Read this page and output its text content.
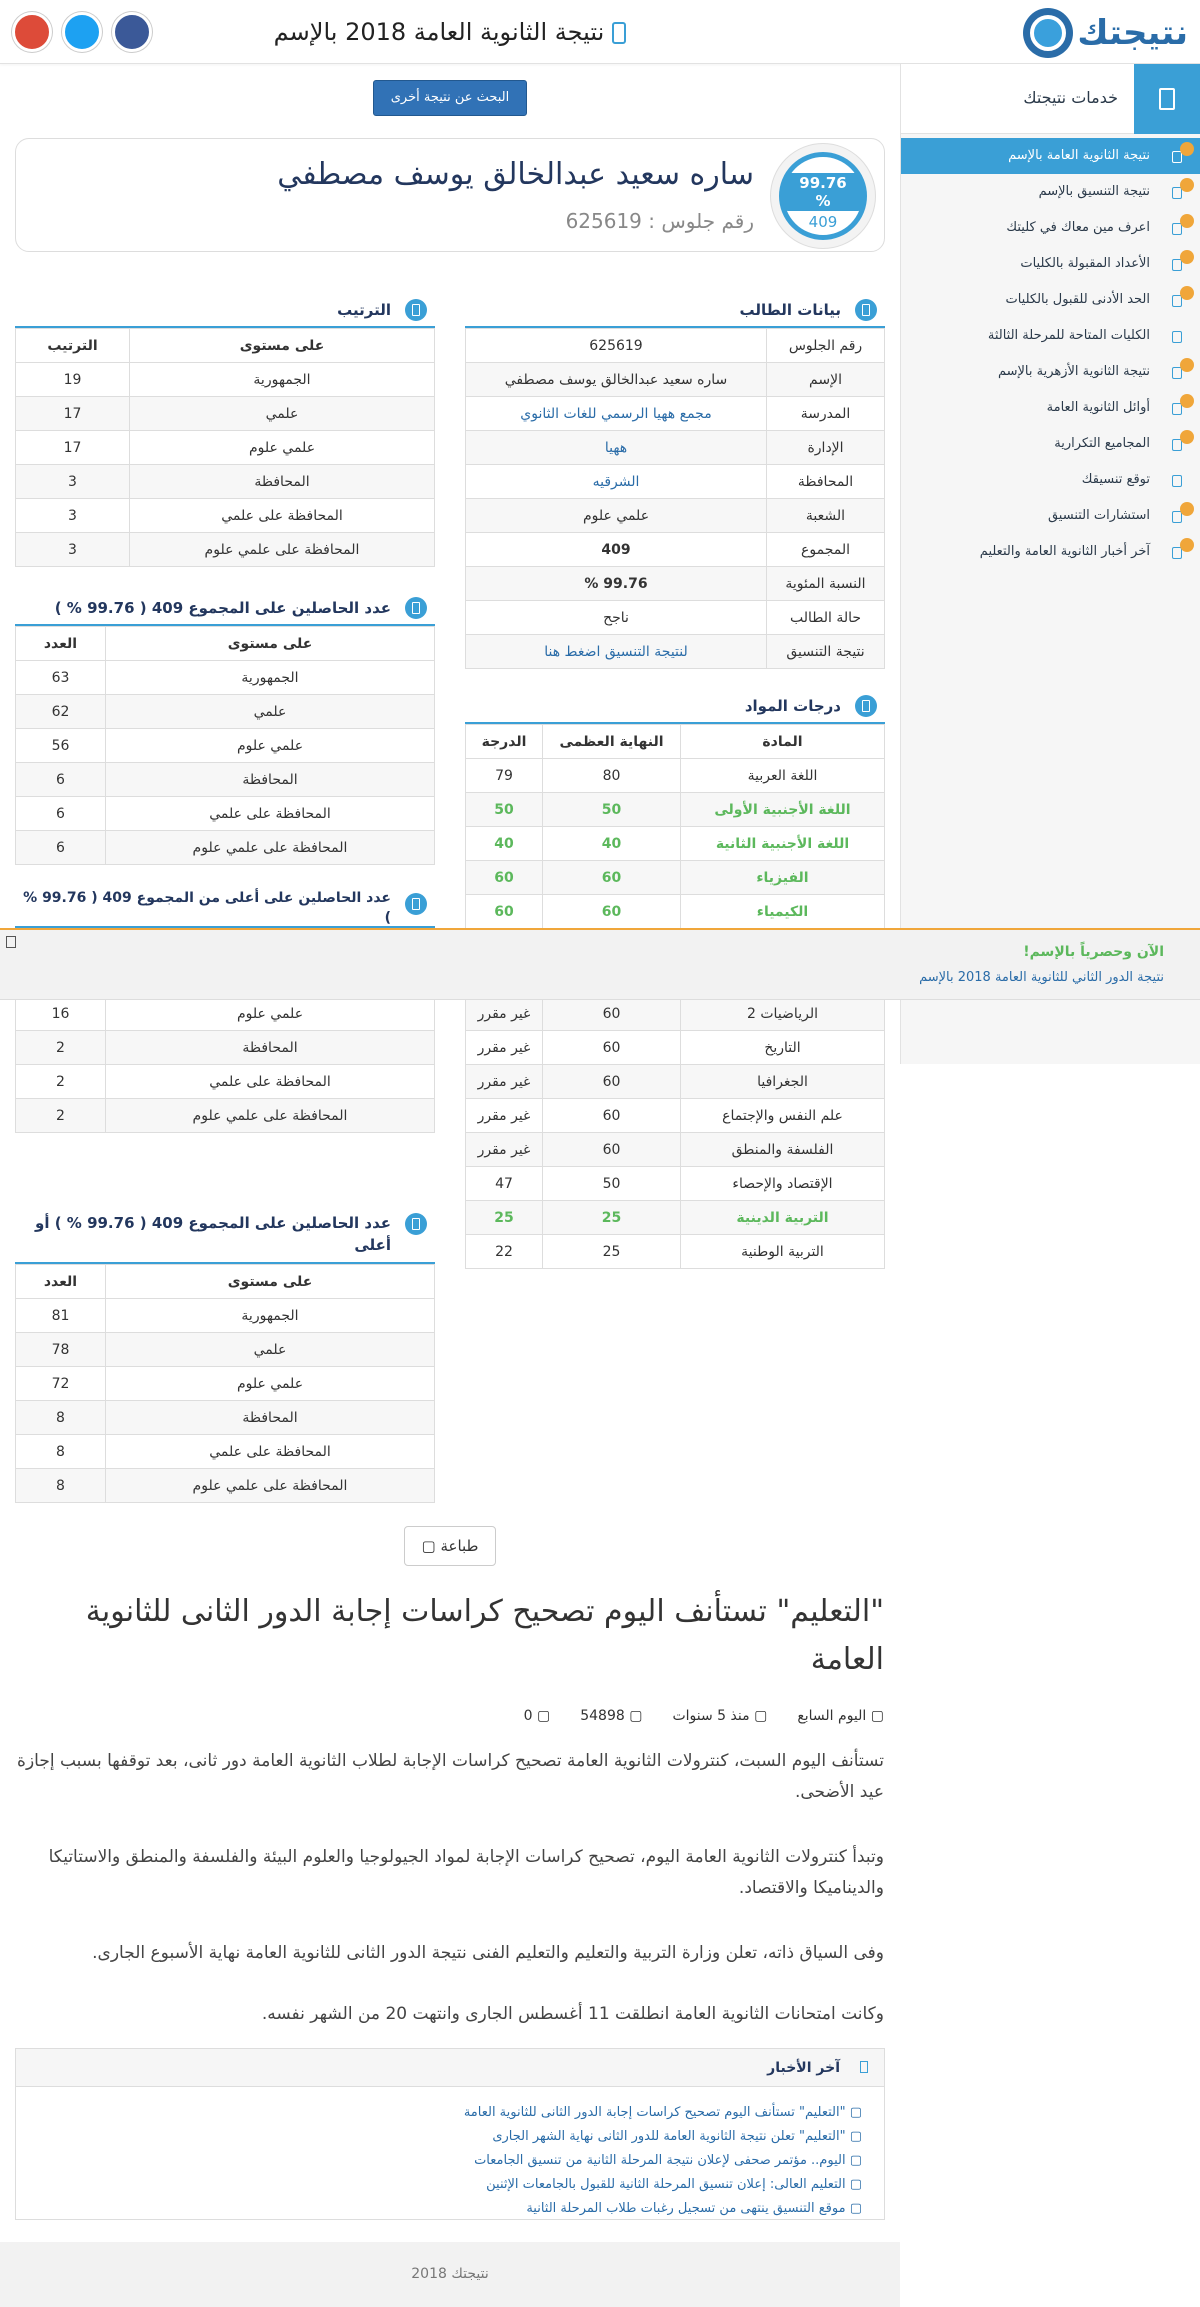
نتيجتك
نتيجة الثانوية العامة 2018 بالإسم
خدمات نتيجتك
نتيجة الثانوية العامة بالإسم
نتيجة التنسيق بالإسم
اعرف مين معاك في كليتك
الأعداد المقبولة بالكليات
الحد الأدنى للقبول بالكليات
الكليات المتاحة للمرحلة الثالثة
نتيجة الثانوية الأزهرية بالإسم
أوائل الثانوية العامة
المجاميع التكرارية
توقع تنسيقك
استشارات التنسيق
آخر أخبار الثانوية العامة والتعليم
البحث عن نتيجة أخرى
99.76 %
409
ساره سعيد عبدالخالق يوسف مصطفي
رقم جلوس : 625619
بيانات الطالب
رقم الجلوس	625619
الإسم	ساره سعيد عبدالخالق يوسف مصطفي
المدرسة	مجمع ههيا الرسمي للغات الثانوي
الإدارة	ههيا
المحافظة	الشرقيه
الشعبة	علمي علوم
المجموع	409
النسبة المئوية	99.76 %
حالة الطالب	ناجح
نتيجة التنسيق	لنتيجة التنسيق اضغط هنا
درجات المواد
المادة	النهاية العظمى	الدرجة
اللغة العربية	80	79
اللغة الأجنبية الأولى	50	50
اللغة الأجنبية الثانية	40	40
الفيزياء	60	60
الكيمياء	60	60

الرياضيات 2	60	غير مقرر
التاريخ	60	غير مقرر
الجغرافيا	60	غير مقرر
علم النفس والإجتماع	60	غير مقرر
الفلسفة والمنطق	60	غير مقرر
الإقتصاد والإحصاء	50	47
التربية الدينية	25	25
التربية الوطنية	25	22
الترتيب
على مستوى	الترتيب
الجمهورية	19
علمي	17
علمي علوم	17
المحافظة	3
المحافظة على علمي	3
المحافظة على علمي علوم	3
عدد الحاصلين على المجموع 409 ( 99.76 % )
على مستوى	العدد
الجمهورية	63
علمي	62
علمي علوم	56
المحافظة	6
المحافظة على علمي	6
المحافظة على علمي علوم	6
عدد الحاصلين على أعلى من المجموع 409 ( 99.76 % )

علمي علوم	16
المحافظة	2
المحافظة على علمي	2
المحافظة على علمي علوم	2
عدد الحاصلين على المجموع 409 ( 99.76 % ) أو أعلى
على مستوى	العدد
الجمهورية	81
علمي	78
علمي علوم	72
المحافظة	8
المحافظة على علمي	8
المحافظة على علمي علوم	8
الآن وحصرياً بالإسم!
نتيجة الدور الثاني للثانوية العامة 2018 بالإسم
طباعة ▢
"التعليم" تستأنف اليوم تصحيح كراسات إجابة الدور الثانى للثانوية العامة
▢ اليوم السابع
▢ منذ 5 سنوات
▢ 54898
▢ 0
تستأنف اليوم السبت، كنترولات الثانوية العامة تصحيح كراسات الإجابة لطلاب الثانوية العامة دور ثانى، بعد توقفها بسبب إجازة عيد الأضحى.
وتبدأ كنترولات الثانوية العامة اليوم، تصحيح كراسات الإجابة لمواد الجيولوجيا والعلوم البيئة والفلسفة والمنطق والاستاتيكا والديناميكا والاقتصاد.
وفى السياق ذاته، تعلن وزارة التربية والتعليم والتعليم الفنى نتيجة الدور الثانى للثانوية العامة نهاية الأسبوع الجارى.
وكانت امتحانات الثانوية العامة انطلقت 11 أغسطس الجارى وانتهت 20 من الشهر نفسه.
آخر الأخبار
▢ "التعليم" تستأنف اليوم تصحيح كراسات إجابة الدور الثانى للثانوية العامة
▢ "التعليم" تعلن نتيجة الثانوية العامة للدور الثانى نهاية الشهر الجارى
▢ اليوم.. مؤتمر صحفى لإعلان نتيجة المرحلة الثانية من تنسيق الجامعات
▢ التعليم العالى: إعلان تنسيق المرحلة الثانية للقبول بالجامعات الإثنين
▢ موقع التنسيق ينتهى من تسجيل رغبات طلاب المرحلة الثانية
نتيجتك 2018
